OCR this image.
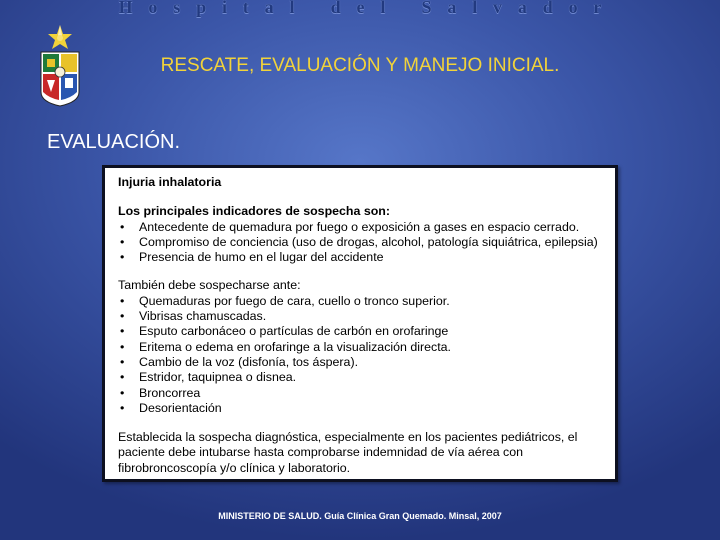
Hospital del Salvador
RESCATE, EVALUACIÓN Y MANEJO INICIAL.
EVALUACIÓN.
Injuria inhalatoria
Los principales indicadores de sospecha son:
• Antecedente de quemadura por fuego o exposición a gases en espacio cerrado.
• Compromiso de conciencia (uso de drogas, alcohol, patología siquiátrica, epilepsia)
• Presencia de humo en el lugar del accidente
También debe sospecharse ante:
• Quemaduras por fuego de cara, cuello o tronco superior.
• Vibrisas chamuscadas.
• Esputo carbonáceo o partículas de carbón en orofaringe
• Eritema o edema en orofaringe a la visualización directa.
• Cambio de la voz (disfonía, tos áspera).
• Estridor, taquipnea o disnea.
• Broncorrea
• Desorientación
Establecida la sospecha diagnóstica, especialmente en los pacientes pediátricos, el
paciente debe intubarse hasta comprobarse indemnidad de vía aérea con
fibrobroncoscopía y/o clínica y laboratorio.
MINISTERIO DE SALUD. Guía Clínica Gran Quemado. Minsal, 2007
